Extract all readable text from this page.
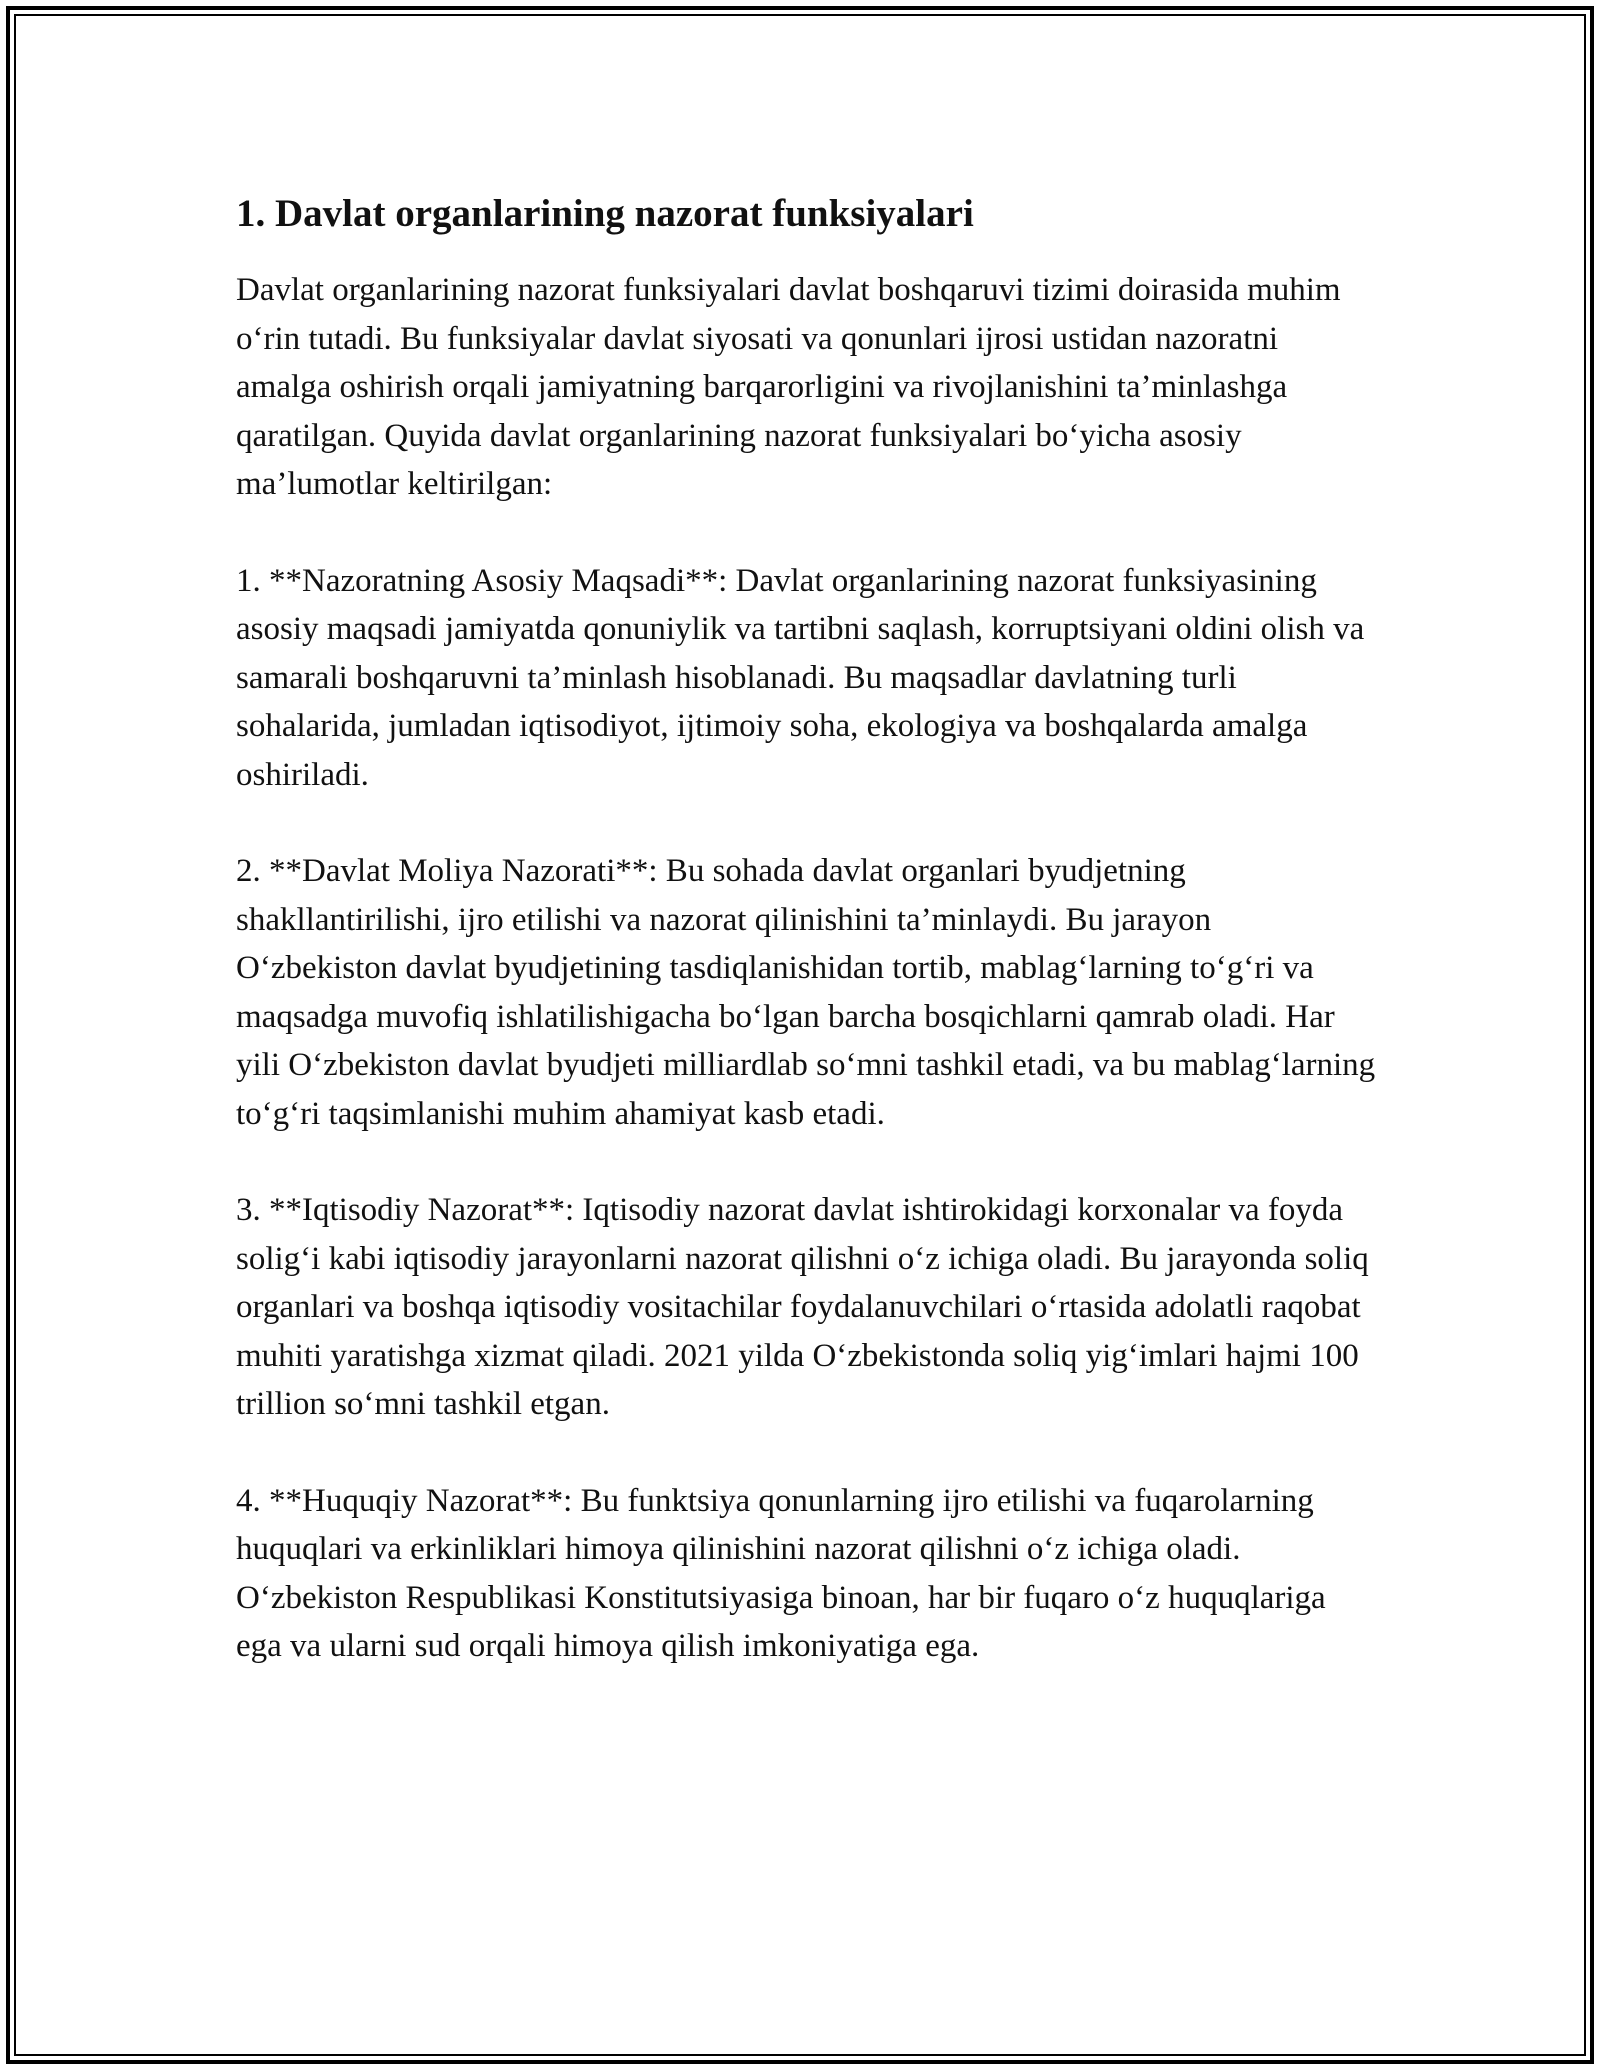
1. Davlat organlarining nazorat funksiyalari

Davlat organlarining nazorat funksiyalari davlat boshqaruvi tizimi doirasida muhim o‘rin tutadi. Bu funksiyalar davlat siyosati va qonunlari ijrosi ustidan nazoratni amalga oshirish orqali jamiyatning barqarorligini va rivojlanishini ta’minlashga qaratilgan. Quyida davlat organlarining nazorat funksiyalari bo‘yicha asosiy ma’lumotlar keltirilgan:

1. **Nazoratning Asosiy Maqsadi**: Davlat organlarining nazorat funksiyasining asosiy maqsadi jamiyatda qonuniylik va tartibni saqlash, korruptsiyani oldini olish va samarali boshqaruvni ta’minlash hisoblanadi. Bu maqsadlar davlatning turli sohalarida, jumladan iqtisodiyot, ijtimoiy soha, ekologiya va boshqalarda amalga oshiriladi.

2. **Davlat Moliya Nazorati**: Bu sohada davlat organlari byudjetning shakllantirilishi, ijro etilishi va nazorat qilinishini ta’minlaydi. Bu jarayon O‘zbekiston davlat byudjetining tasdiqlanishidan tortib, mablag‘larning to‘g‘ri va maqsadga muvofiq ishlatilishigacha bo‘lgan barcha bosqichlarni qamrab oladi. Har yili O‘zbekiston davlat byudjeti milliardlab so‘mni tashkil etadi, va bu mablag‘larning to‘g‘ri taqsimlanishi muhim ahamiyat kasb etadi.

3. **Iqtisodiy Nazorat**: Iqtisodiy nazorat davlat ishtirokidagi korxonalar va foyda solig‘i kabi iqtisodiy jarayonlarni nazorat qilishni o‘z ichiga oladi. Bu jarayonda soliq organlari va boshqa iqtisodiy vositachilar foydalanuvchilari o‘rtasida adolatli raqobat muhiti yaratishga xizmat qiladi. 2021 yilda O‘zbekistonda soliq yig‘imlari hajmi 100 trillion so‘mni tashkil etgan.

4. **Huquqiy Nazorat**: Bu funktsiya qonunlarning ijro etilishi va fuqarolarning huquqlari va erkinliklari himoya qilinishini nazorat qilishni o‘z ichiga oladi. O‘zbekiston Respublikasi Konstitutsiyasiga binoan, har bir fuqaro o‘z huquqlariga ega va ularni sud orqali himoya qilish imkoniyatiga ega.
